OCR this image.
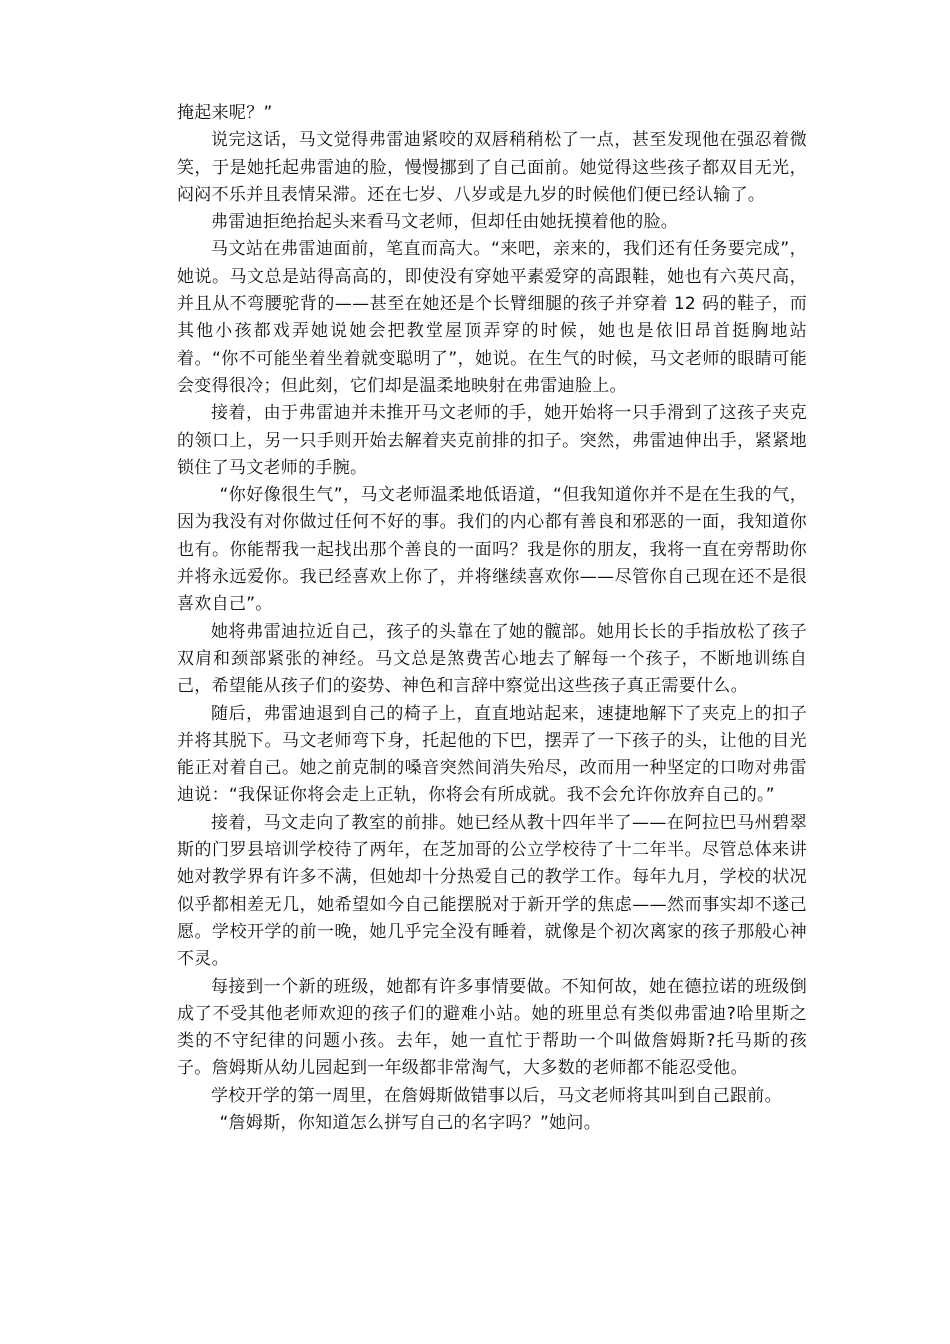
掩起来呢？”

说完这话，马文觉得弗雷迪紧咬的双唇稍稍松了一点，甚至发现他在强忍着微笑，于是她托起弗雷迪的脸，慢慢挪到了自己面前。她觉得这些孩子都双目无光，闷闷不乐并且表情呆滞。还在七岁、八岁或是九岁的时候他们便已经认输了。

弗雷迪拒绝抬起头来看马文老师，但却任由她抚摸着他的脸。

马文站在弗雷迪面前，笔直而高大。“来吧，亲来的，我们还有任务要完成”，她说。马文总是站得高高的，即使没有穿她平素爱穿的高跟鞋，她也有六英尺高，并且从不弯腰驼背的——甚至在她还是个长臂细腿的孩子并穿着 12 码的鞋子，而其他小孩都戏弄她说她会把教堂屋顶弄穿的时候，她也是依旧昂首挺胸地站着。“你不可能坐着坐着就变聪明了”，她说。在生气的时候，马文老师的眼睛可能会变得很冷；但此刻，它们却是温柔地映射在弗雷迪脸上。

接着，由于弗雷迪并未推开马文老师的手，她开始将一只手滑到了这孩子夹克的领口上，另一只手则开始去解着夹克前排的扣子。突然，弗雷迪伸出手，紧紧地锁住了马文老师的手腕。

“你好像很生气”，马文老师温柔地低语道，“但我知道你并不是在生我的气，因为我没有对你做过任何不好的事。我们的内心都有善良和邪恶的一面，我知道你也有。你能帮我一起找出那个善良的一面吗？我是你的朋友，我将一直在旁帮助你并将永远爱你。我已经喜欢上你了，并将继续喜欢你——尽管你自己现在还不是很喜欢自己”。

她将弗雷迪拉近自己，孩子的头靠在了她的髋部。她用长长的手指放松了孩子双肩和颈部紧张的神经。马文总是煞费苦心地去了解每一个孩子，不断地训练自己，希望能从孩子们的姿势、神色和言辞中察觉出这些孩子真正需要什么。

随后，弗雷迪退到自己的椅子上，直直地站起来，速捷地解下了夹克上的扣子并将其脱下。马文老师弯下身，托起他的下巴，摆弄了一下孩子的头，让他的目光能正对着自己。她之前克制的嗓音突然间消失殆尽，改而用一种坚定的口吻对弗雷迪说：“我保证你将会走上正轨，你将会有所成就。我不会允许你放弃自己的。”

接着，马文走向了教室的前排。她已经从教十四年半了——在阿拉巴马州碧翠斯的门罗县培训学校待了两年，在芝加哥的公立学校待了十二年半。尽管总体来讲她对教学界有许多不满，但她却十分热爱自己的教学工作。每年九月，学校的状况似乎都相差无几，她希望如今自己能摆脱对于新开学的焦虑——然而事实却不遂己愿。学校开学的前一晚，她几乎完全没有睡着，就像是个初次离家的孩子那般心神不灵。

每接到一个新的班级，她都有许多事情要做。不知何故，她在德拉诺的班级倒成了不受其他老师欢迎的孩子们的避难小站。她的班里总有类似弗雷迪?哈里斯之类的不守纪律的问题小孩。去年，她一直忙于帮助一个叫做詹姆斯?托马斯的孩子。詹姆斯从幼儿园起到一年级都非常淘气，大多数的老师都不能忍受他。

学校开学的第一周里，在詹姆斯做错事以后，马文老师将其叫到自己跟前。

“詹姆斯，你知道怎么拼写自己的名字吗？”她问。
